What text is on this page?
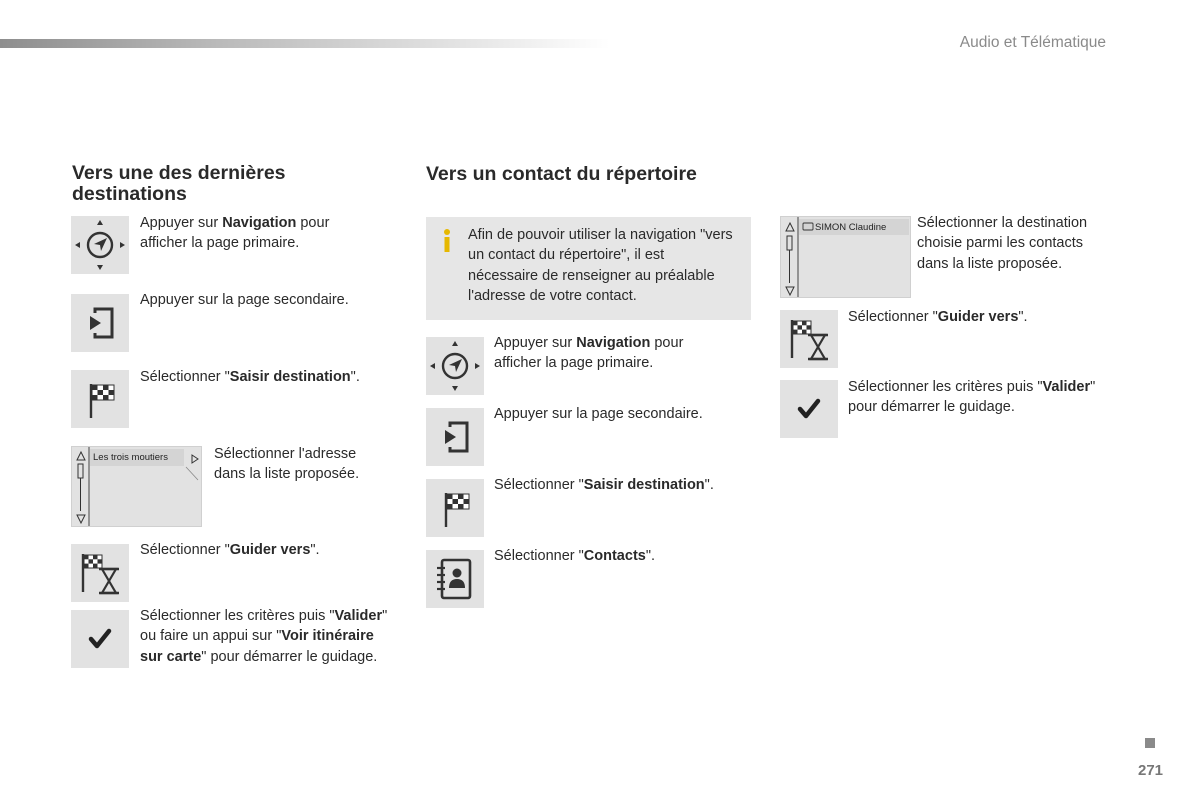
Audio et Télématique
Vers une des dernières destinations
Appuyer sur Navigation pour afficher la page primaire.
Appuyer sur la page secondaire.
Sélectionner "Saisir destination".
Les trois moutiers	Sélectionner l'adresse dans la liste proposée.
Sélectionner "Guider vers".
Sélectionner les critères puis "Valider" ou faire un appui sur "Voir itinéraire sur carte" pour démarrer le guidage.
Vers un contact du répertoire
Afin de pouvoir utiliser la navigation "vers un contact du répertoire", il est nécessaire de renseigner au préalable l'adresse de votre contact.
Appuyer sur Navigation pour afficher la page primaire.
Appuyer sur la page secondaire.
Sélectionner "Saisir destination".
Sélectionner "Contacts".
SIMON Claudine Sélectionner la destination choisie parmi les contacts dans la liste proposée.
Sélectionner "Guider vers".
Sélectionner les critères puis "Valider" pour démarrer le guidage.
271
